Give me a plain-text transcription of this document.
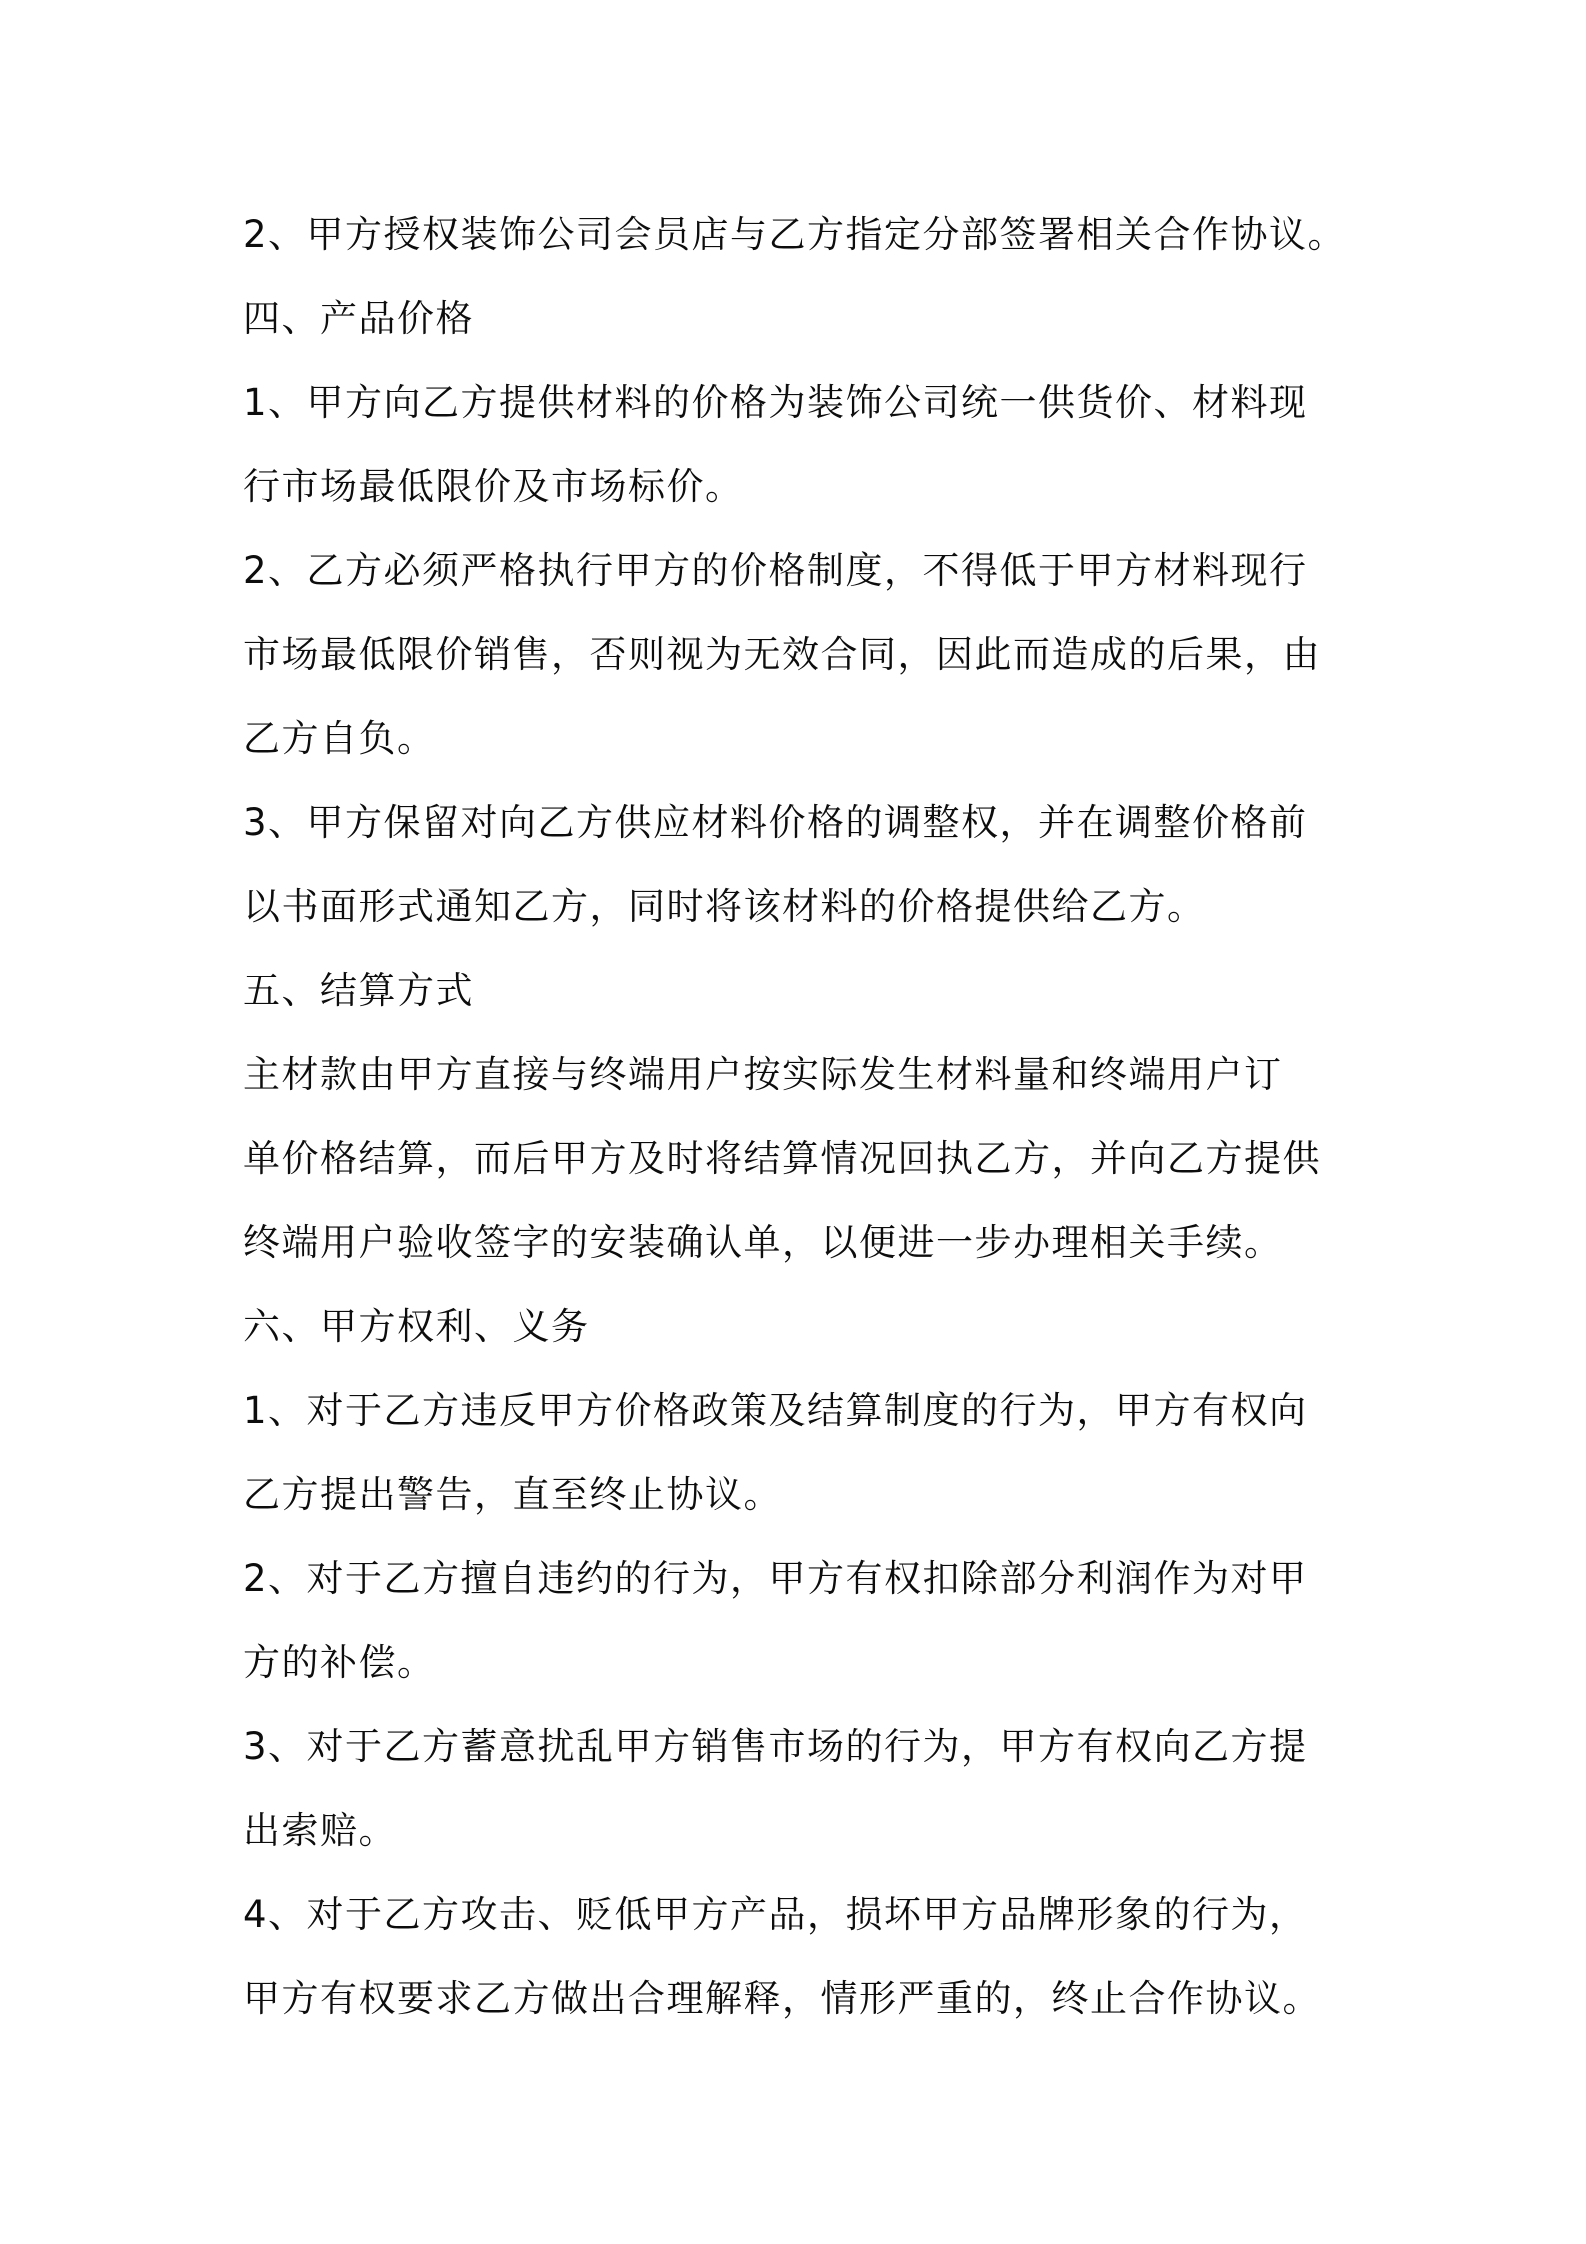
2、甲方授权装饰公司会员店与乙方指定分部签署相关合作协议。
四、产品价格
1、甲方向乙方提供材料的价格为装饰公司统一供货价、材料现
行市场最低限价及市场标价。
2、乙方必须严格执行甲方的价格制度，不得低于甲方材料现行
市场最低限价销售，否则视为无效合同，因此而造成的后果，由
乙方自负。
3、甲方保留对向乙方供应材料价格的调整权，并在调整价格前
以书面形式通知乙方，同时将该材料的价格提供给乙方。
五、结算方式
主材款由甲方直接与终端用户按实际发生材料量和终端用户订
单价格结算，而后甲方及时将结算情况回执乙方，并向乙方提供
终端用户验收签字的安装确认单，以便进一步办理相关手续。
六、甲方权利、义务
1、对于乙方违反甲方价格政策及结算制度的行为，甲方有权向
乙方提出警告，直至终止协议。
2、对于乙方擅自违约的行为，甲方有权扣除部分利润作为对甲
方的补偿。
3、对于乙方蓄意扰乱甲方销售市场的行为，甲方有权向乙方提
出索赔。
4、对于乙方攻击、贬低甲方产品，损坏甲方品牌形象的行为，
甲方有权要求乙方做出合理解释，情形严重的，终止合作协议。
